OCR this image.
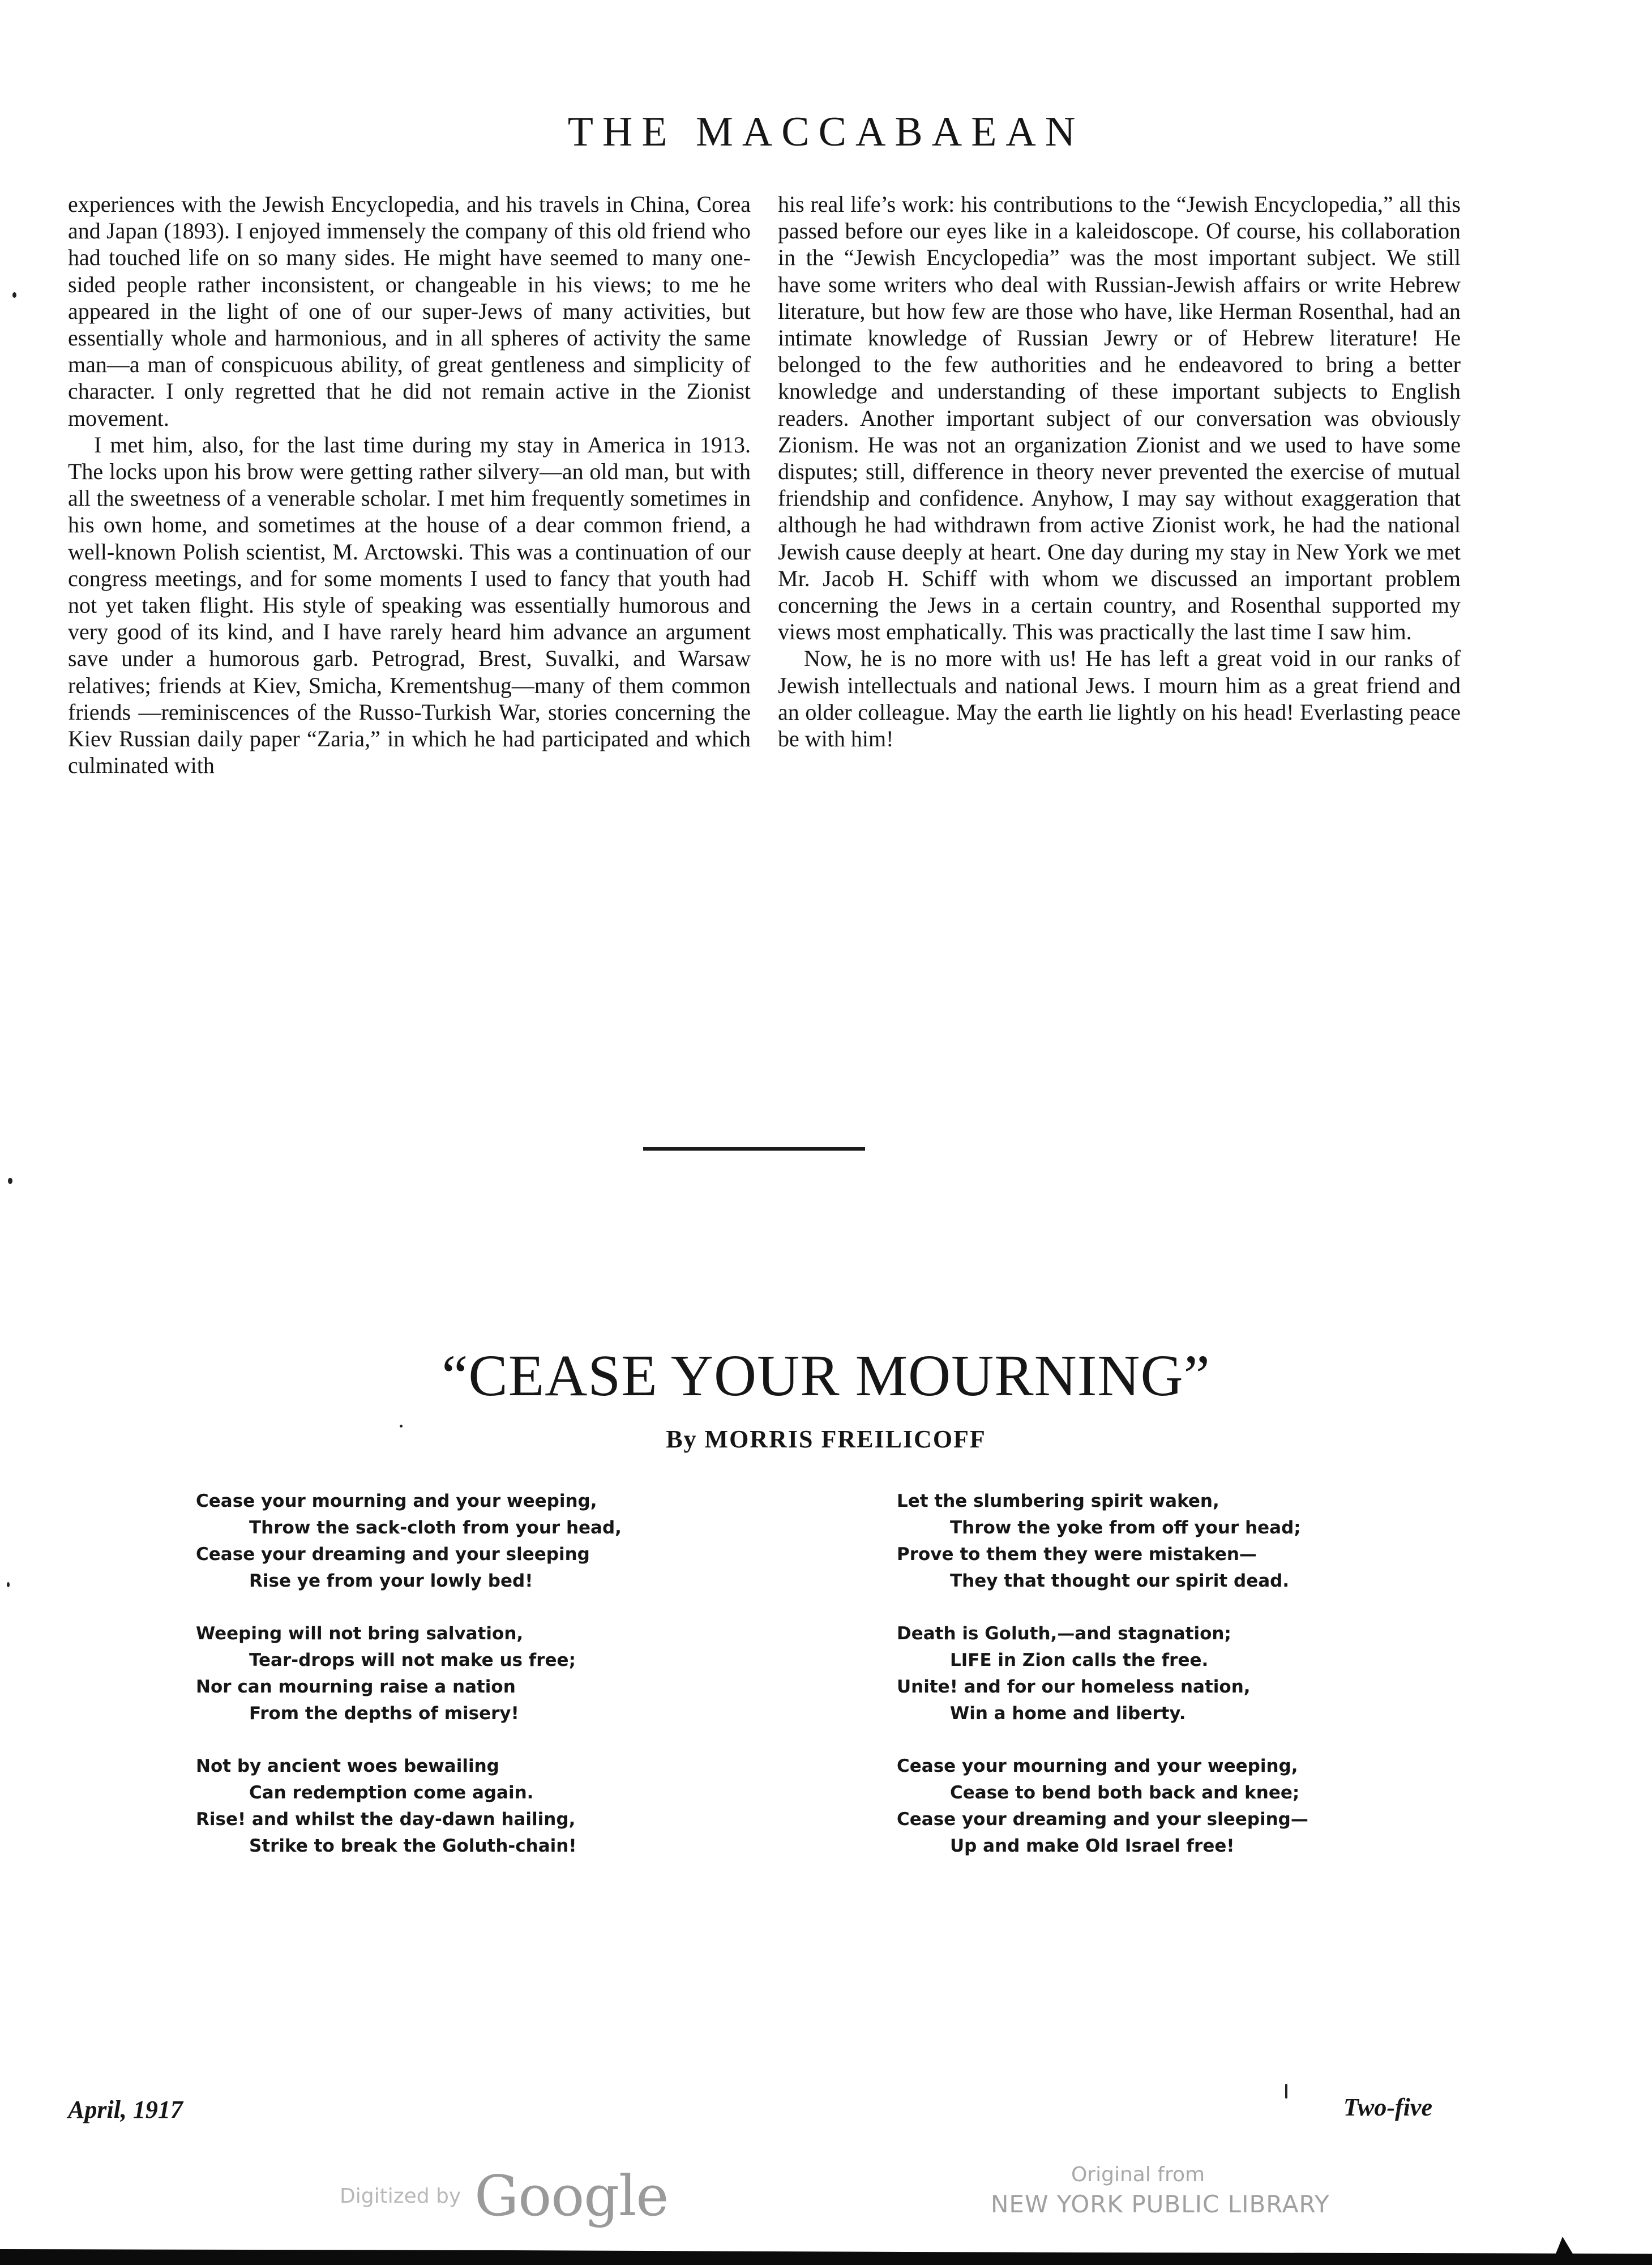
THE MACCABAEAN

experiences with the Jewish Encyclopedia, and his travels in China, Corea and Japan (1893). I enjoyed immensely the company of this old friend who had touched life on so many sides. He might have seemed to many one-sided people rather inconsistent, or changeable in his views; to me he appeared in the light of one of our super-Jews of many activities, but essentially whole and harmonious, and in all spheres of activity the same man—a man of conspicuous ability, of great gentleness and simplicity of character. I only regretted that he did not remain active in the Zionist movement.

I met him, also, for the last time during my stay in America in 1913. The locks upon his brow were getting rather silvery—an old man, but with all the sweetness of a venerable scholar. I met him frequently sometimes in his own home, and sometimes at the house of a dear common friend, a well-known Polish scientist, M. Arctowski. This was a continuation of our congress meetings, and for some moments I used to fancy that youth had not yet taken flight. His style of speaking was essentially humorous and very good of its kind, and I have rarely heard him advance an argument save under a humorous garb. Petrograd, Brest, Suvalki, and Warsaw relatives; friends at Kiev, Smicha, Krementshug—many of them common friends —reminiscences of the Russo-Turkish War, stories concerning the Kiev Russian daily paper “Zaria,” in which he had participated and which culminated with

his real life’s work: his contributions to the “Jewish Encyclopedia,” all this passed before our eyes like in a kaleidoscope. Of course, his collaboration in the “Jewish Encyclopedia” was the most important subject. We still have some writers who deal with Russian-Jewish affairs or write Hebrew literature, but how few are those who have, like Herman Rosenthal, had an intimate knowledge of Russian Jewry or of Hebrew literature! He belonged to the few authorities and he endeavored to bring a better knowledge and understanding of these important subjects to English readers. Another important subject of our conversation was obviously Zionism. He was not an organization Zionist and we used to have some disputes; still, difference in theory never prevented the exercise of mutual friendship and confidence. Anyhow, I may say without exaggeration that although he had withdrawn from active Zionist work, he had the national Jewish cause deeply at heart. One day during my stay in New York we met Mr. Jacob H. Schiff with whom we discussed an important problem concerning the Jews in a certain country, and Rosenthal supported my views most emphatically. This was practically the last time I saw him.

Now, he is no more with us! He has left a great void in our ranks of Jewish intellectuals and national Jews. I mourn him as a great friend and an older colleague. May the earth lie lightly on his head! Everlasting peace be with him!

“CEASE YOUR MOURNING”
By MORRIS FREILICOFF
Cease your mourning and your weeping,
Throw the sack-cloth from your head,
Cease your dreaming and your sleeping
Rise ye from your lowly bed!
Weeping will not bring salvation,
Tear-drops will not make us free;
Nor can mourning raise a nation
From the depths of misery!
Not by ancient woes bewailing
Can redemption come again.
Rise! and whilst the day-dawn hailing,
Strike to break the Goluth-chain!
Let the slumbering spirit waken,
Throw the yoke from off your head;
Prove to them they were mistaken—
They that thought our spirit dead.
Death is Goluth,—and stagnation;
LIFE in Zion calls the free.
Unite! and for our homeless nation,
Win a home and liberty.
Cease your mourning and your weeping,
Cease to bend both back and knee;
Cease your dreaming and your sleeping—
Up and make Old Israel free!
April, 1917	Two-five
Digitized by Google	Original from
NEW YORK PUBLIC LIBRARY
